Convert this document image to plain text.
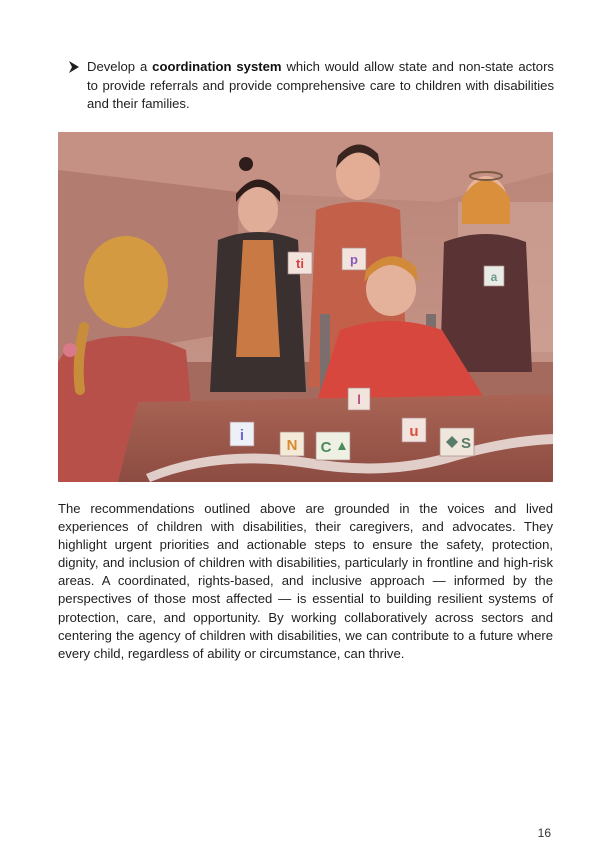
Develop a coordination system which would allow state and non-state actors to provide referrals and provide comprehensive care to children with disabilities and their families.

ti	p
a
l
i
N C
u
S

The recommendations outlined above are grounded in the voices and lived experiences of children with disabilities, their caregivers, and advocates. They highlight urgent priorities and actionable steps to ensure the safety, protection, dignity, and inclusion of children with disabilities, particularly in frontline and high-risk areas. A coordinated, rights-based, and inclusive approach — informed by the perspectives of those most affected — is essential to building resilient systems of protection, care, and opportunity. By working collaboratively across sectors and centering the agency of children with disabilities, we can contribute to a future where every child, regardless of ability or circumstance, can thrive.

16
